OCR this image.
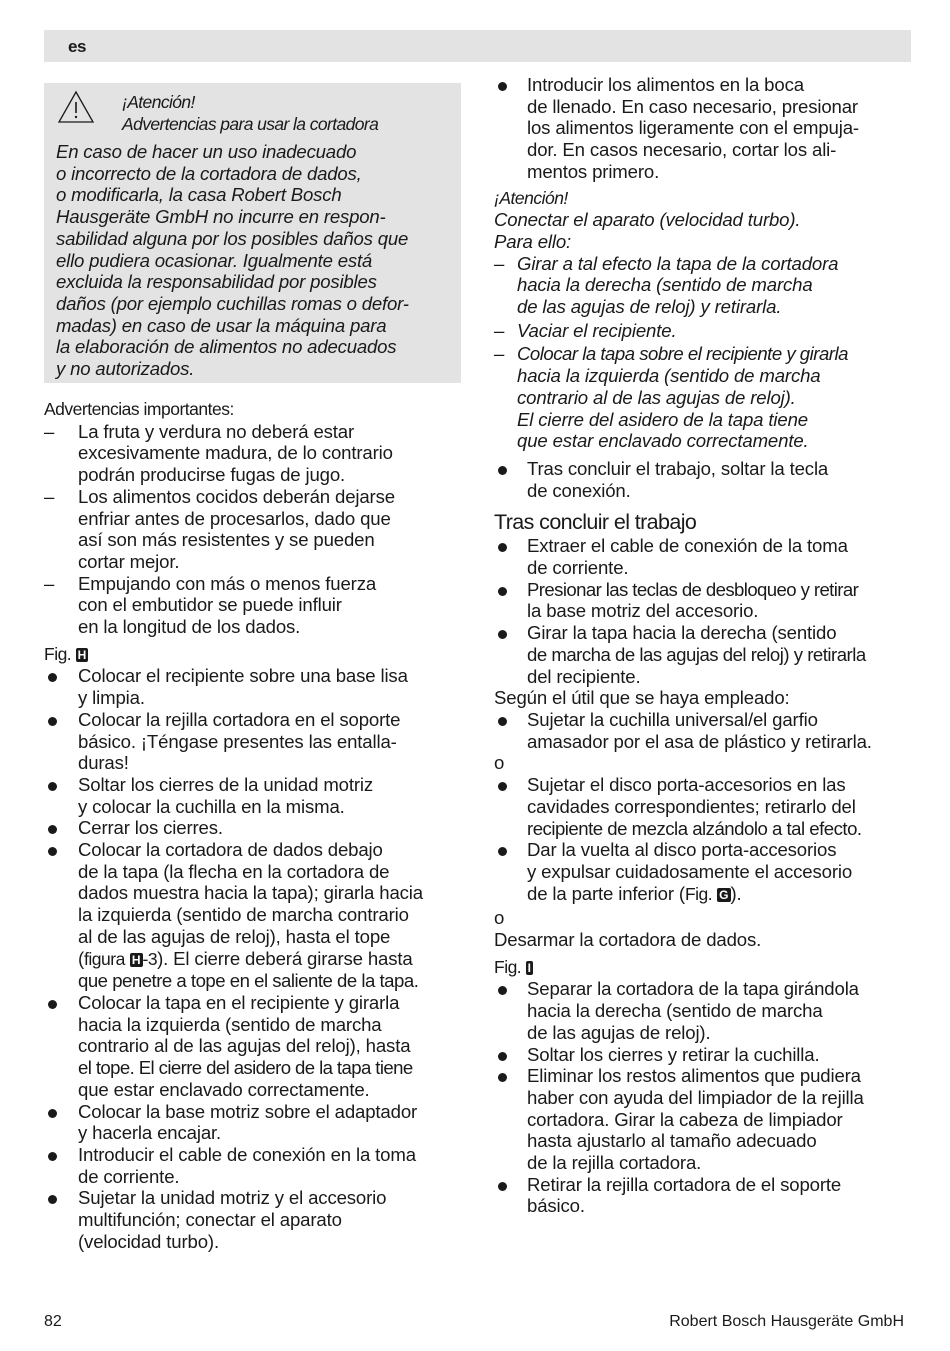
es
¡Atención!
Advertencias para usar la cortadora
En caso de hacer un uso inadecuado
o incorrecto de la cortadora de dados,
o modificarla, la casa Robert Bosch
Hausgeräte GmbH no incurre en respon-
sabilidad alguna por los posibles daños que
ello pudiera ocasionar. Igualmente está
excluida la responsabilidad por posibles
daños (por ejemplo cuchillas romas o defor-
madas) en caso de usar la máquina para
la elaboración de alimentos no adecuados
y no autorizados.
Advertencias importantes:
– La fruta y verdura no deberá estar
excesivamente madura, de lo contrario
podrán producirse fugas de jugo.
– Los alimentos cocidos deberán dejarse
enfriar antes de procesarlos, dado que
así son más resistentes y se pueden
cortar mejor.
– Empujando con más o menos fuerza
con el embutidor se puede influir
en la longitud de los dados.
Fig. H
Colocar el recipiente sobre una base lisa
y limpia.
Colocar la rejilla cortadora en el soporte
básico. ¡Téngase presentes las entalla-
duras!
Soltar los cierres de la unidad motriz
y colocar la cuchilla en la misma.
Cerrar los cierres.
Colocar la cortadora de dados debajo
de la tapa (la flecha en la cortadora de
dados muestra hacia la tapa); girarla hacia
la izquierda (sentido de marcha contrario
al de las agujas de reloj), hasta el tope
(figura H -3). El cierre deberá girarse hasta
que penetre a tope en el saliente de la tapa.
Colocar la tapa en el recipiente y girarla
hacia la izquierda (sentido de marcha
contrario al de las agujas del reloj), hasta
el tope. El cierre del asidero de la tapa tiene
que estar enclavado correctamente.
Colocar la base motriz sobre el adaptador
y hacerla encajar.
Introducir el cable de conexión en la toma
de corriente.
Sujetar la unidad motriz y el accesorio
multifunción; conectar el aparato
(velocidad turbo).
Introducir los alimentos en la boca
de llenado. En caso necesario, presionar
los alimentos ligeramente con el empuja-
dor. En casos necesario, cortar los ali-
mentos primero.
¡Atención!
Conectar el aparato (velocidad turbo).
Para ello:
– Girar a tal efecto la tapa de la cortadora
hacia la derecha (sentido de marcha
de las agujas de reloj) y retirarla.
– Vaciar el recipiente.
– Colocar la tapa sobre el recipiente y girarla
hacia la izquierda (sentido de marcha
contrario al de las agujas de reloj).
El cierre del asidero de la tapa tiene
que estar enclavado correctamente.
Tras concluir el trabajo, soltar la tecla
de conexión.
Tras concluir el trabajo
Extraer el cable de conexión de la toma
de corriente.
Presionar las teclas de desbloqueo y retirar
la base motriz del accesorio.
Girar la tapa hacia la derecha (sentido
de marcha de las agujas del reloj) y retirarla
del recipiente.
Según el útil que se haya empleado:
Sujetar la cuchilla universal/el garfio
amasador por el asa de plástico y retirarla.
o
Sujetar el disco porta-accesorios en las
cavidades correspondientes; retirarlo del
recipiente de mezcla alzándolo a tal efecto.
Dar la vuelta al disco porta-accesorios
y expulsar cuidadosamente el accesorio
de la parte inferior (Fig. G ).
o
Desarmar la cortadora de dados.
Fig. I
Separar la cortadora de la tapa girándola
hacia la derecha (sentido de marcha
de las agujas de reloj).
Soltar los cierres y retirar la cuchilla.
Eliminar los restos alimentos que pudiera
haber con ayuda del limpiador de la rejilla
cortadora. Girar la cabeza de limpiador
hasta ajustarlo al tamaño adecuado
de la rejilla cortadora.
Retirar la rejilla cortadora de el soporte
básico.
82	Robert Bosch Hausgeräte GmbH
